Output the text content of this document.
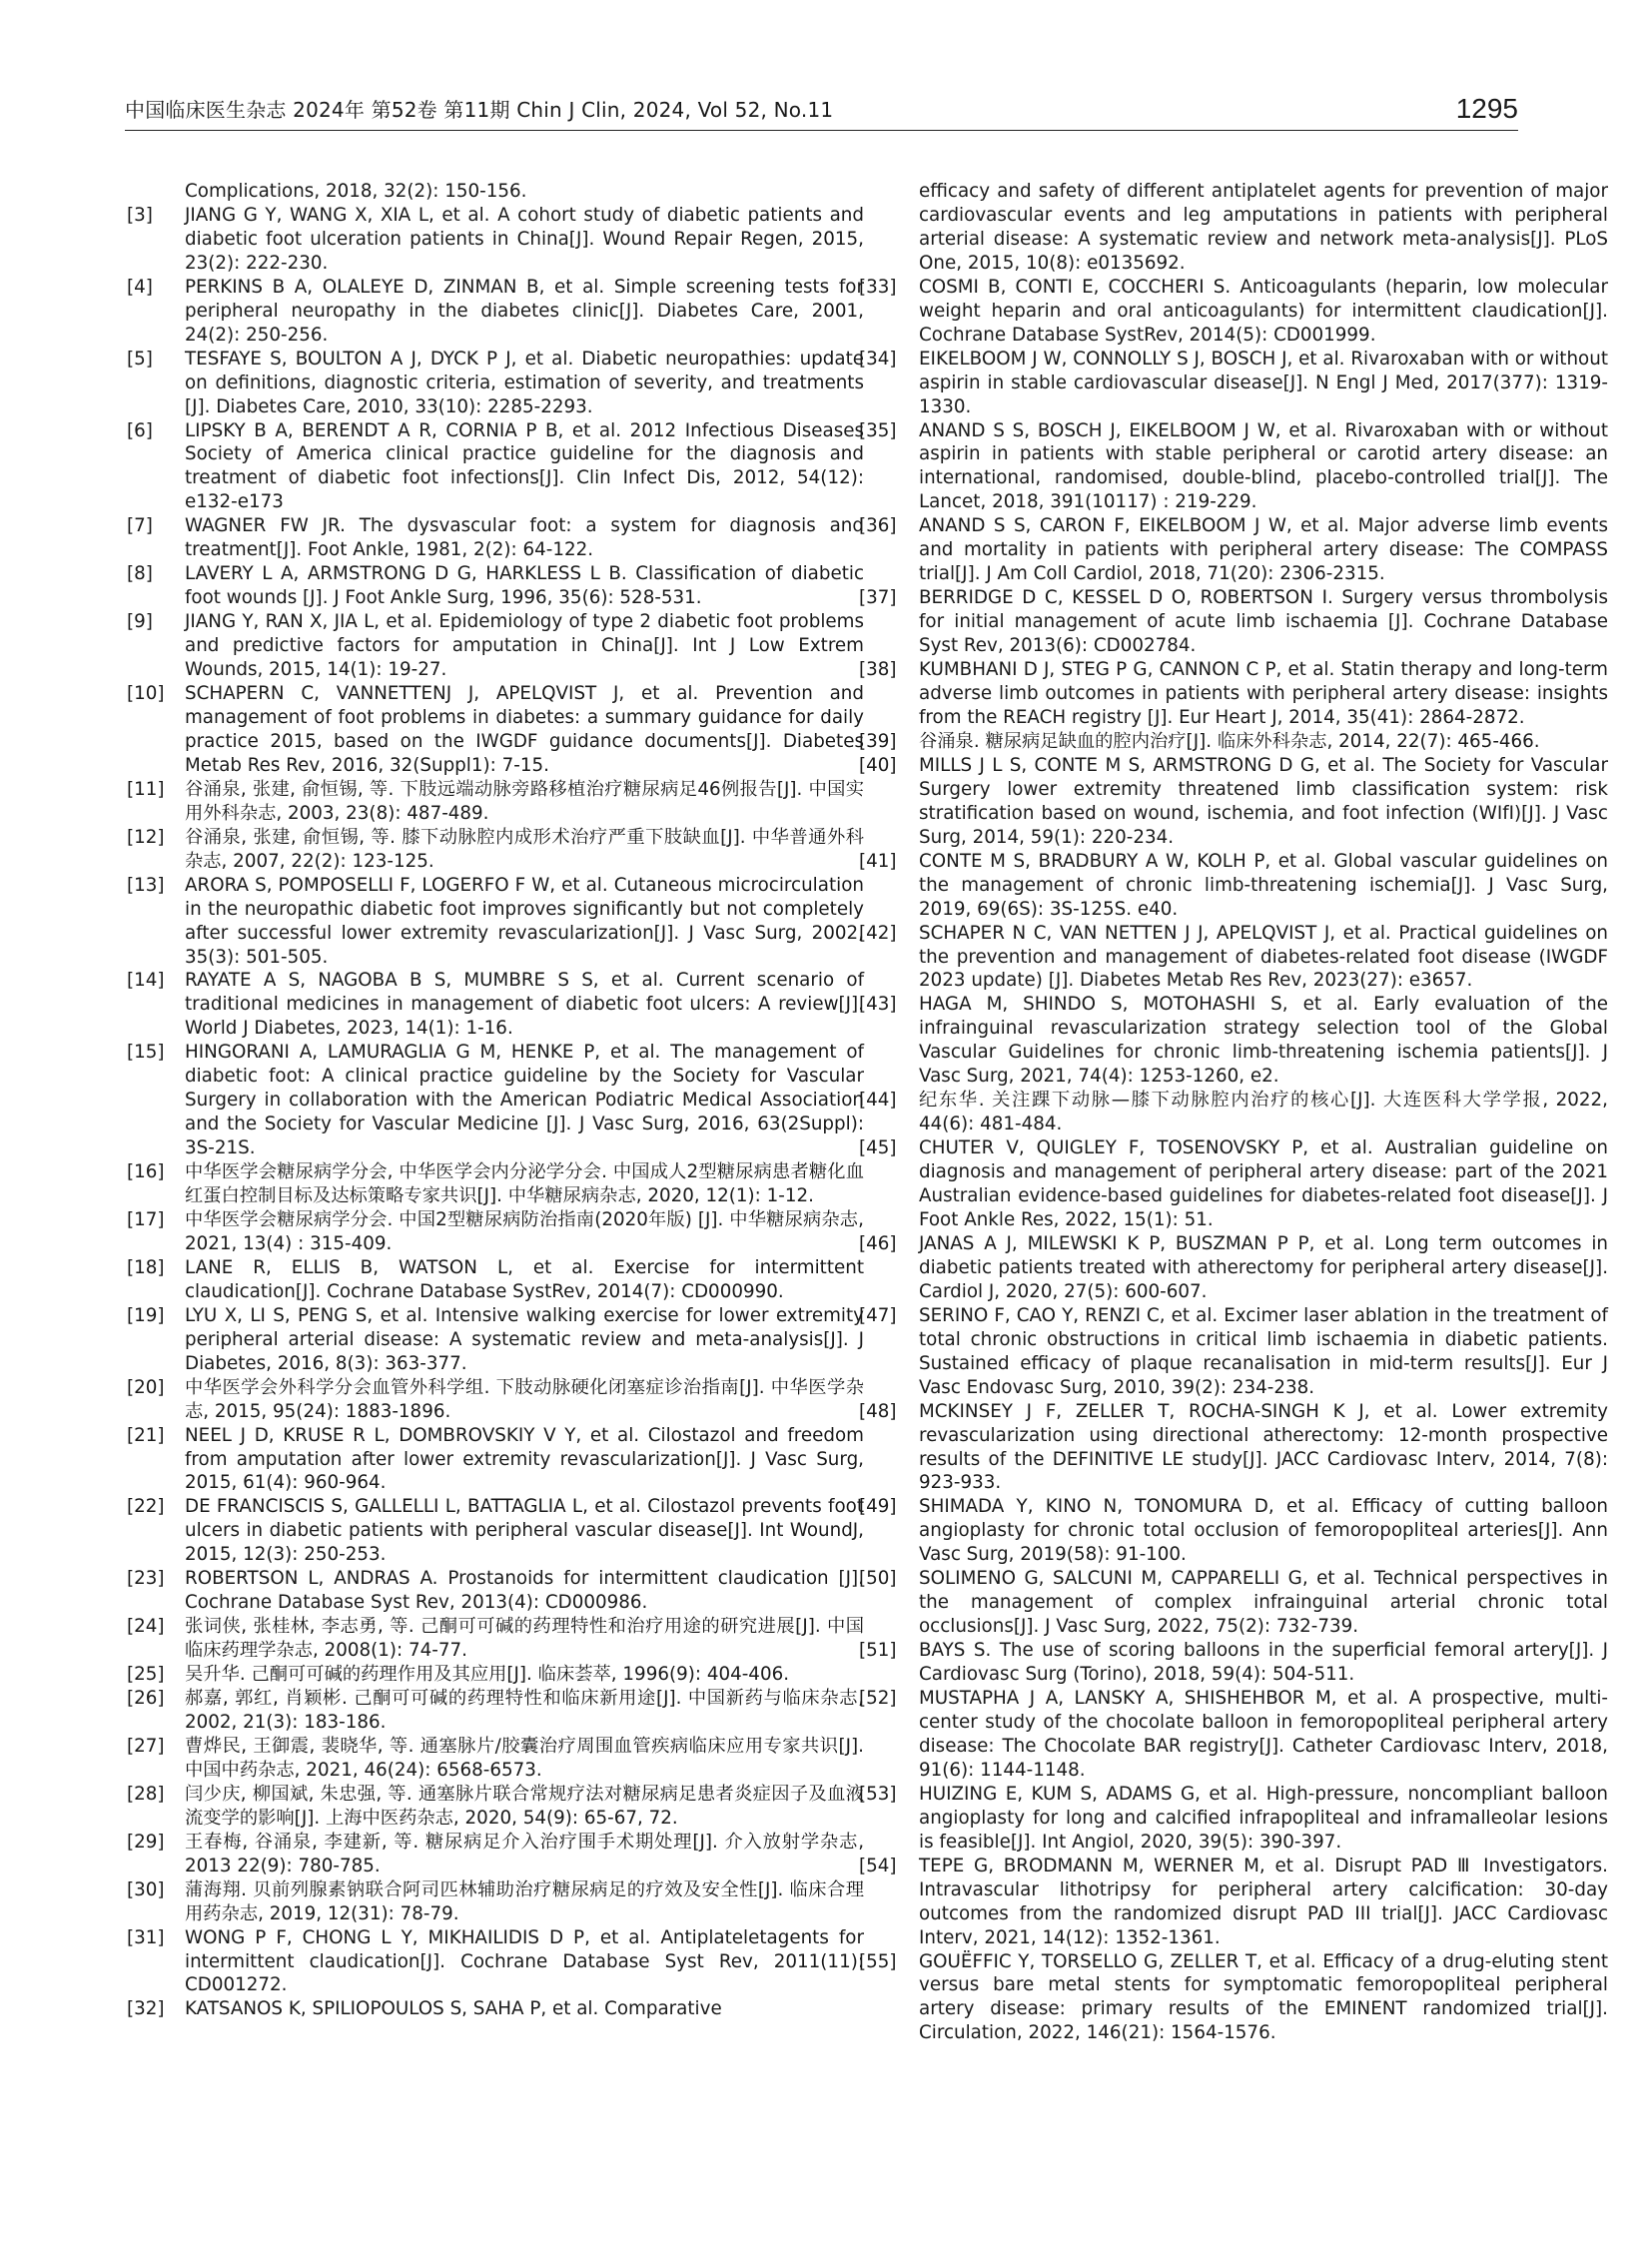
中国临床医生杂志 2024年 第52卷 第11期 Chin J Clin, 2024, Vol 52, No.11	1295
Complications, 2018, 32(2): 150-156.
[3]	JIANG G Y, WANG X, XIA L, et al. A cohort study of diabetic patients and diabetic foot ulceration patients in China[J]. Wound Repair Regen, 2015, 23(2): 222-230.
[4]	PERKINS B A, OLALEYE D, ZINMAN B, et al. Simple screening tests for peripheral neuropathy in the diabetes clinic[J]. Diabetes Care, 2001, 24(2): 250-256.
[5]	TESFAYE S, BOULTON A J, DYCK P J, et al. Diabetic neuropathies: update on definitions, diagnostic criteria, estimation of severity, and treatments [J]. Diabetes Care, 2010, 33(10): 2285-2293.
[6]	LIPSKY B A, BERENDT A R, CORNIA P B, et al. 2012 Infectious Diseases Society of America clinical practice guideline for the diagnosis and treatment of diabetic foot infections[J]. Clin Infect Dis, 2012, 54(12): e132-e173
[7]	WAGNER FW JR. The dysvascular foot: a system for diagnosis and treatment[J]. Foot Ankle, 1981, 2(2): 64-122.
[8]	LAVERY L A, ARMSTRONG D G, HARKLESS L B. Classification of diabetic foot wounds [J]. J Foot Ankle Surg, 1996, 35(6): 528-531.
[9]	JIANG Y, RAN X, JIA L, et al. Epidemiology of type 2 diabetic foot problems and predictive factors for amputation in China[J]. Int J Low Extrem Wounds, 2015, 14(1): 19-27.
[10]	SCHAPERN C, VANNETTENJ J, APELQVIST J, et al. Prevention and management of foot problems in diabetes: a summary guidance for daily practice 2015, based on the IWGDF guidance documents[J]. Diabetes Metab Res Rev, 2016, 32(Suppl1): 7-15.
[11]	谷涌泉, 张建, 俞恒锡, 等. 下肢远端动脉旁路移植治疗糖尿病足46例报告[J]. 中国实用外科杂志, 2003, 23(8): 487-489.
[12]	谷涌泉, 张建, 俞恒锡, 等. 膝下动脉腔内成形术治疗严重下肢缺血[J]. 中华普通外科杂志, 2007, 22(2): 123-125.
[13]	ARORA S, POMPOSELLI F, LOGERFO F W, et al. Cutaneous microcirculation in the neuropathic diabetic foot improves significantly but not completely after successful lower extremity revascularization[J]. J Vasc Surg, 2002, 35(3): 501-505.
[14]	RAYATE A S, NAGOBA B S, MUMBRE S S, et al. Current scenario of traditional medicines in management of diabetic foot ulcers: A review[J]. World J Diabetes, 2023, 14(1): 1-16.
[15]	HINGORANI A, LAMURAGLIA G M, HENKE P, et al. The management of diabetic foot: A clinical practice guideline by the Society for Vascular Surgery in collaboration with the American Podiatric Medical Association and the Society for Vascular Medicine [J]. J Vasc Surg, 2016, 63(2Suppl): 3S-21S.
[16]	中华医学会糖尿病学分会, 中华医学会内分泌学分会. 中国成人2型糖尿病患者糖化血红蛋白控制目标及达标策略专家共识[J]. 中华糖尿病杂志, 2020, 12(1): 1-12.
[17]	中华医学会糖尿病学分会. 中国2型糖尿病防治指南(2020年版) [J]. 中华糖尿病杂志, 2021, 13(4) : 315-409.
[18]	LANE R, ELLIS B, WATSON L, et al. Exercise for intermittent claudication[J]. Cochrane Database SystRev, 2014(7): CD000990.
[19]	LYU X, LI S, PENG S, et al. Intensive walking exercise for lower extremity peripheral arterial disease: A systematic review and meta-analysis[J]. J Diabetes, 2016, 8(3): 363-377.
[20]	中华医学会外科学分会血管外科学组. 下肢动脉硬化闭塞症诊治指南[J]. 中华医学杂志, 2015, 95(24): 1883-1896.
[21]	NEEL J D, KRUSE R L, DOMBROVSKIY V Y, et al. Cilostazol and freedom from amputation after lower extremity revascularization[J]. J Vasc Surg, 2015, 61(4): 960-964.
[22]	DE FRANCISCIS S, GALLELLI L, BATTAGLIA L, et al. Cilostazol prevents foot ulcers in diabetic patients with peripheral vascular disease[J]. Int WoundJ, 2015, 12(3): 250-253.
[23]	ROBERTSON L, ANDRAS A. Prostanoids for intermittent claudication [J]. Cochrane Database Syst Rev, 2013(4): CD000986.
[24]	张词侠, 张桂林, 李志勇, 等. 己酮可可碱的药理特性和治疗用途的研究进展[J]. 中国临床药理学杂志, 2008(1): 74-77.
[25]	吴升华. 己酮可可碱的药理作用及其应用[J]. 临床荟萃, 1996(9): 404-406.
[26]	郝嘉, 郭红, 肖颖彬. 己酮可可碱的药理特性和临床新用途[J]. 中国新药与临床杂志, 2002, 21(3): 183-186.
[27]	曹烨民, 王御震, 裴晓华, 等. 通塞脉片/胶囊治疗周围血管疾病临床应用专家共识[J]. 中国中药杂志, 2021, 46(24): 6568-6573.
[28]	闫少庆, 柳国斌, 朱忠强, 等. 通塞脉片联合常规疗法对糖尿病足患者炎症因子及血液流变学的影响[J]. 上海中医药杂志, 2020, 54(9): 65-67, 72.
[29]	王春梅, 谷涌泉, 李建新, 等. 糖尿病足介入治疗围手术期处理[J]. 介入放射学杂志, 2013 22(9): 780-785.
[30]	蒲海翔. 贝前列腺素钠联合阿司匹林辅助治疗糖尿病足的疗效及安全性[J]. 临床合理用药杂志, 2019, 12(31): 78-79.
[31]	WONG P F, CHONG L Y, MIKHAILIDIS D P, et al. Antiplateletagents for intermittent claudication[J]. Cochrane Database Syst Rev, 2011(11): CD001272.
[32]	KATSANOS K, SPILIOPOULOS S, SAHA P, et al. Comparative
efficacy and safety of different antiplatelet agents for prevention of major cardiovascular events and leg amputations in patients with peripheral arterial disease: A systematic review and network meta-analysis[J]. PLoS One, 2015, 10(8): e0135692.
[33]	COSMI B, CONTI E, COCCHERI S. Anticoagulants (heparin, low molecular weight heparin and oral anticoagulants) for intermittent claudication[J]. Cochrane Database SystRev, 2014(5): CD001999.
[34]	EIKELBOOM J W, CONNOLLY S J, BOSCH J, et al. Rivaroxaban with or without aspirin in stable cardiovascular disease[J]. N Engl J Med, 2017(377): 1319-1330.
[35]	ANAND S S, BOSCH J, EIKELBOOM J W, et al. Rivaroxaban with or without aspirin in patients with stable peripheral or carotid artery disease: an international, randomised, double-blind, placebo-controlled trial[J]. The Lancet, 2018, 391(10117) : 219-229.
[36]	ANAND S S, CARON F, EIKELBOOM J W, et al. Major adverse limb events and mortality in patients with peripheral artery disease: The COMPASS trial[J]. J Am Coll Cardiol, 2018, 71(20): 2306-2315.
[37]	BERRIDGE D C, KESSEL D O, ROBERTSON I. Surgery versus thrombolysis for initial management of acute limb ischaemia [J]. Cochrane Database Syst Rev, 2013(6): CD002784.
[38]	KUMBHANI D J, STEG P G, CANNON C P, et al. Statin therapy and long-term adverse limb outcomes in patients with peripheral artery disease: insights from the REACH registry [J]. Eur Heart J, 2014, 35(41): 2864-2872.
[39]	谷涌泉. 糖尿病足缺血的腔内治疗[J]. 临床外科杂志, 2014, 22(7): 465-466.
[40]	MILLS J L S, CONTE M S, ARMSTRONG D G, et al. The Society for Vascular Surgery lower extremity threatened limb classification system: risk stratification based on wound, ischemia, and foot infection (WIfI)[J]. J Vasc Surg, 2014, 59(1): 220-234.
[41]	CONTE M S, BRADBURY A W, KOLH P, et al. Global vascular guidelines on the management of chronic limb-threatening ischemia[J]. J Vasc Surg, 2019, 69(6S): 3S-125S. e40.
[42]	SCHAPER N C, VAN NETTEN J J, APELQVIST J, et al. Practical guidelines on the prevention and management of diabetes-related foot disease (IWGDF 2023 update) [J]. Diabetes Metab Res Rev, 2023(27): e3657.
[43]	HAGA M, SHINDO S, MOTOHASHI S, et al. Early evaluation of the infrainguinal revascularization strategy selection tool of the Global Vascular Guidelines for chronic limb-threatening ischemia patients[J]. J Vasc Surg, 2021, 74(4): 1253-1260, e2.
[44]	纪东华. 关注踝下动脉—膝下动脉腔内治疗的核心[J]. 大连医科大学学报, 2022, 44(6): 481-484.
[45]	CHUTER V, QUIGLEY F, TOSENOVSKY P, et al. Australian guideline on diagnosis and management of peripheral artery disease: part of the 2021 Australian evidence-based guidelines for diabetes-related foot disease[J]. J Foot Ankle Res, 2022, 15(1): 51.
[46]	JANAS A J, MILEWSKI K P, BUSZMAN P P, et al. Long term outcomes in diabetic patients treated with atherectomy for peripheral artery disease[J]. Cardiol J, 2020, 27(5): 600-607.
[47]	SERINO F, CAO Y, RENZI C, et al. Excimer laser ablation in the treatment of total chronic obstructions in critical limb ischaemia in diabetic patients. Sustained efficacy of plaque recanalisation in mid-term results[J]. Eur J Vasc Endovasc Surg, 2010, 39(2): 234-238.
[48]	MCKINSEY J F, ZELLER T, ROCHA-SINGH K J, et al. Lower extremity revascularization using directional atherectomy: 12-month prospective results of the DEFINITIVE LE study[J]. JACC Cardiovasc Interv, 2014, 7(8): 923-933.
[49]	SHIMADA Y, KINO N, TONOMURA D, et al. Efficacy of cutting balloon angioplasty for chronic total occlusion of femoropopliteal arteries[J]. Ann Vasc Surg, 2019(58): 91-100.
[50]	SOLIMENO G, SALCUNI M, CAPPARELLI G, et al. Technical perspectives in the management of complex infrainguinal arterial chronic total occlusions[J]. J Vasc Surg, 2022, 75(2): 732-739.
[51]	BAYS S. The use of scoring balloons in the superficial femoral artery[J]. J Cardiovasc Surg (Torino), 2018, 59(4): 504-511.
[52]	MUSTAPHA J A, LANSKY A, SHISHEHBOR M, et al. A prospective, multi-center study of the chocolate balloon in femoropopliteal peripheral artery disease: The Chocolate BAR registry[J]. Catheter Cardiovasc Interv, 2018, 91(6): 1144-1148.
[53]	HUIZING E, KUM S, ADAMS G, et al. High-pressure, noncompliant balloon angioplasty for long and calcified infrapopliteal and inframalleolar lesions is feasible[J]. Int Angiol, 2020, 39(5): 390-397.
[54]	TEPE G, BRODMANN M, WERNER M, et al. Disrupt PAD Ⅲ Investigators. Intravascular lithotripsy for peripheral artery calcification: 30-day outcomes from the randomized disrupt PAD III trial[J]. JACC Cardiovasc Interv, 2021, 14(12): 1352-1361.
[55]	GOUËFFIC Y, TORSELLO G, ZELLER T, et al. Efficacy of a drug-eluting stent versus bare metal stents for symptomatic femoropopliteal peripheral artery disease: primary results of the EMINENT randomized trial[J]. Circulation, 2022, 146(21): 1564-1576.
